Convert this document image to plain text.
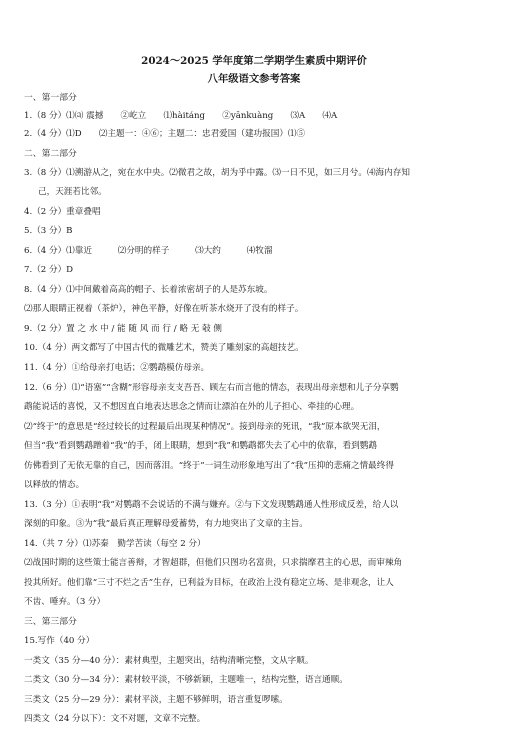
2024～2025 学年度第二学期学生素质中期评价
八年级语文参考答案
一、第一部分
1.（8 分）⑴⒜ 震撼　　②屹立　　⑴hàitáng　　②yānkuàng　　⑶A　　⑷A
2.（4 分）⑴D　　⑵主题一：④⑥；主题二：忠君爱国（建功报国）⑴⑤
二、第二部分
3.（8 分）⑴溯游从之，宛在水中央。⑵微君之故，胡为乎中露。⑶一日不见，如三月兮。⑷海内存知
己，天涯若比邻。
4.（2 分）重章叠唱
5.（3 分）B
6.（4 分）⑴靠近　　　⑵分明的样子　　　⑶大约　　　⑷牧溜
7.（2 分）D
8.（4 分）⑴中间戴着高高的帽子、长着浓密胡子的人是苏东坡。
⑵那人眼睛正视着（茶炉），神色平静，好像在听茶水烧开了没有的样子。
9.（2 分）置 之 水 中 / 能 随 风 而 行 / 略 无 敧 侧
10.（4 分）两文都写了中国古代的微雕艺术，赞美了雕刻家的高超技艺。
11.（4 分）①给母亲打电话；②鹦鹉模仿母亲。
12.（6 分）⑴“语塞”“含糊”形容母亲支支吾吾、顾左右而言他的情态，表现出母亲想和儿子分享鹦
鹉能说话的喜悦，又不想因直白地表达思念之情而让漂泊在外的儿子担心、牵挂的心理。
⑵“终于”的意思是“经过较长的过程最后出现某种情况”。接到母亲的死讯，“我”原本欲哭无泪，
但当“我”看到鹦鹉蹭着“我”的手，闭上眼睛，想到“我”和鹦鹉都失去了心中的依靠，看到鹦鹉
仿佛看到了无依无靠的自己，因而落泪。“终于”一词生动形象地写出了“我”压抑的悲痛之情最终得
以释放的情态。
13.（3 分）①表明“我”对鹦鹉不会说话的不满与嫌弃。②与下文发现鹦鹉通人性形成反差，给人以
深刻的印象。③为“我”最后真正理解母爱蓄势，有力地突出了文章的主旨。
14.（共 7 分）⑴苏秦　勤学苦读（每空 2 分）
⑵战国时期的这些策士能言善辩，才智超群，但他们只图功名富贵，只求揣摩君主的心思，而审辣角
投其所好。他们靠“三寸不烂之舌”生存，已利益为目标，在政治上没有稳定立场、是非观念，让人
不齿、唾弃。（3 分）
三、第三部分
15.写作（40 分）
一类文（35 分—40 分）：素材典型，主题突出，结构清晰完整，文从字顺。
二类文（30 分—34 分）：素材较平淡，不够新颖，主题唯一，结构完整，语言通顺。
三类文（25 分—29 分）：素材平淡，主题不够鲜明，语言重复啰嗦。
四类文（24 分以下）：文不对题，文章不完整。
